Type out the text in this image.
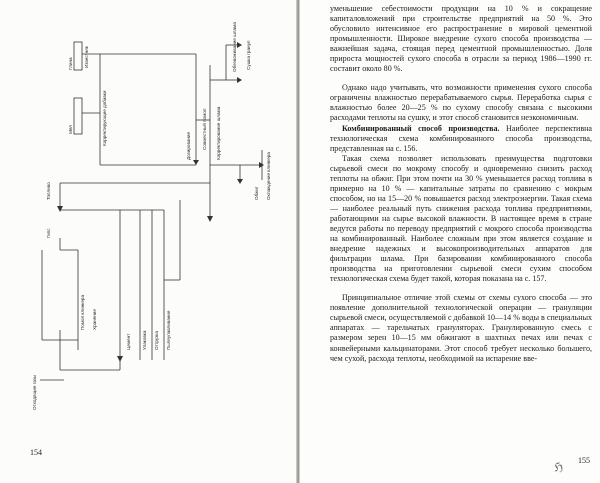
Глина
Мел
Известняк
Корректирующие добавки	Дозирование Совместный помол Корректирование шлама
Обезвоживание шлама Сушка гранул
Обжиг Охлаждение клинкера
Топливо
Гипс
Помол клинкера Хранение
Цемент Упаковка Отгрузка Пылеулавливание
Отходящие газы
154

уменьшение себестоимости продукции на 10 % и сокращение капиталовложений при строительстве предприятий на 50 %. Это обусловило интенсивное его распространение в мировой цементной промышленности. Широкое внедрение сухого способа производства — важнейшая задача, стоящая перед цементной промышленностью. Доля прироста мощностей сухого способа в отрасли за период 1986—1990 гг. составит около 80 %.

Однако надо учитывать, что возможности применения сухого способа ограничены влажностью перерабатываемого сырья. Переработка сырья с влажностью более 20—25 % по сухому способу связана с высокими расходами теплоты на сушку, и этот способ становится неэкономичным.

Комбинированный способ производства. Наиболее перспективна технологическая схема комбинированного способа производства, представленная на с. 156.

Такая схема позволяет использовать преимущества подготовки сырьевой смеси по мокрому способу и одновременно снизить расход теплоты на обжиг. При этом почти на 30 % уменьшается расход топлива в примерно на 10 % — капитальные затраты по сравнению с мокрым способом, но на 15—20 % повышается расход электроэнергии. Такая схема — наиболее реальный путь снижения расхода топлива предприятиями, работающими на сырье высокой влажности. В настоящее время в стране ведутся работы по переводу предприятий с мокрого способа производства на комбинированный. Наиболее сложным при этом является создание и внедрение надежных и высокопроизводительных аппаратов для фильтрации шлама. При базировании комбинированного способа производства на приготовлении сырьевой смеси сухим способом технологическая схема будет такой, которая показана на с. 157.

Принципиальное отличие этой схемы от схемы сухого способа — это появление дополнительной технологической операции — грануляции сырьевой смеси, осуществляемой с добавкой 10—14 % воды в специальных аппаратах — тарельчатых грануляторах. Гранулированную смесь с размером зерен 10—15 мм обжигают в шахтных печах или печах с конвейерными кальцинаторами. Этот способ требует несколько большего, чем сухой, расхода теплоты, необходимой на испарение вве-

155
ℌ
